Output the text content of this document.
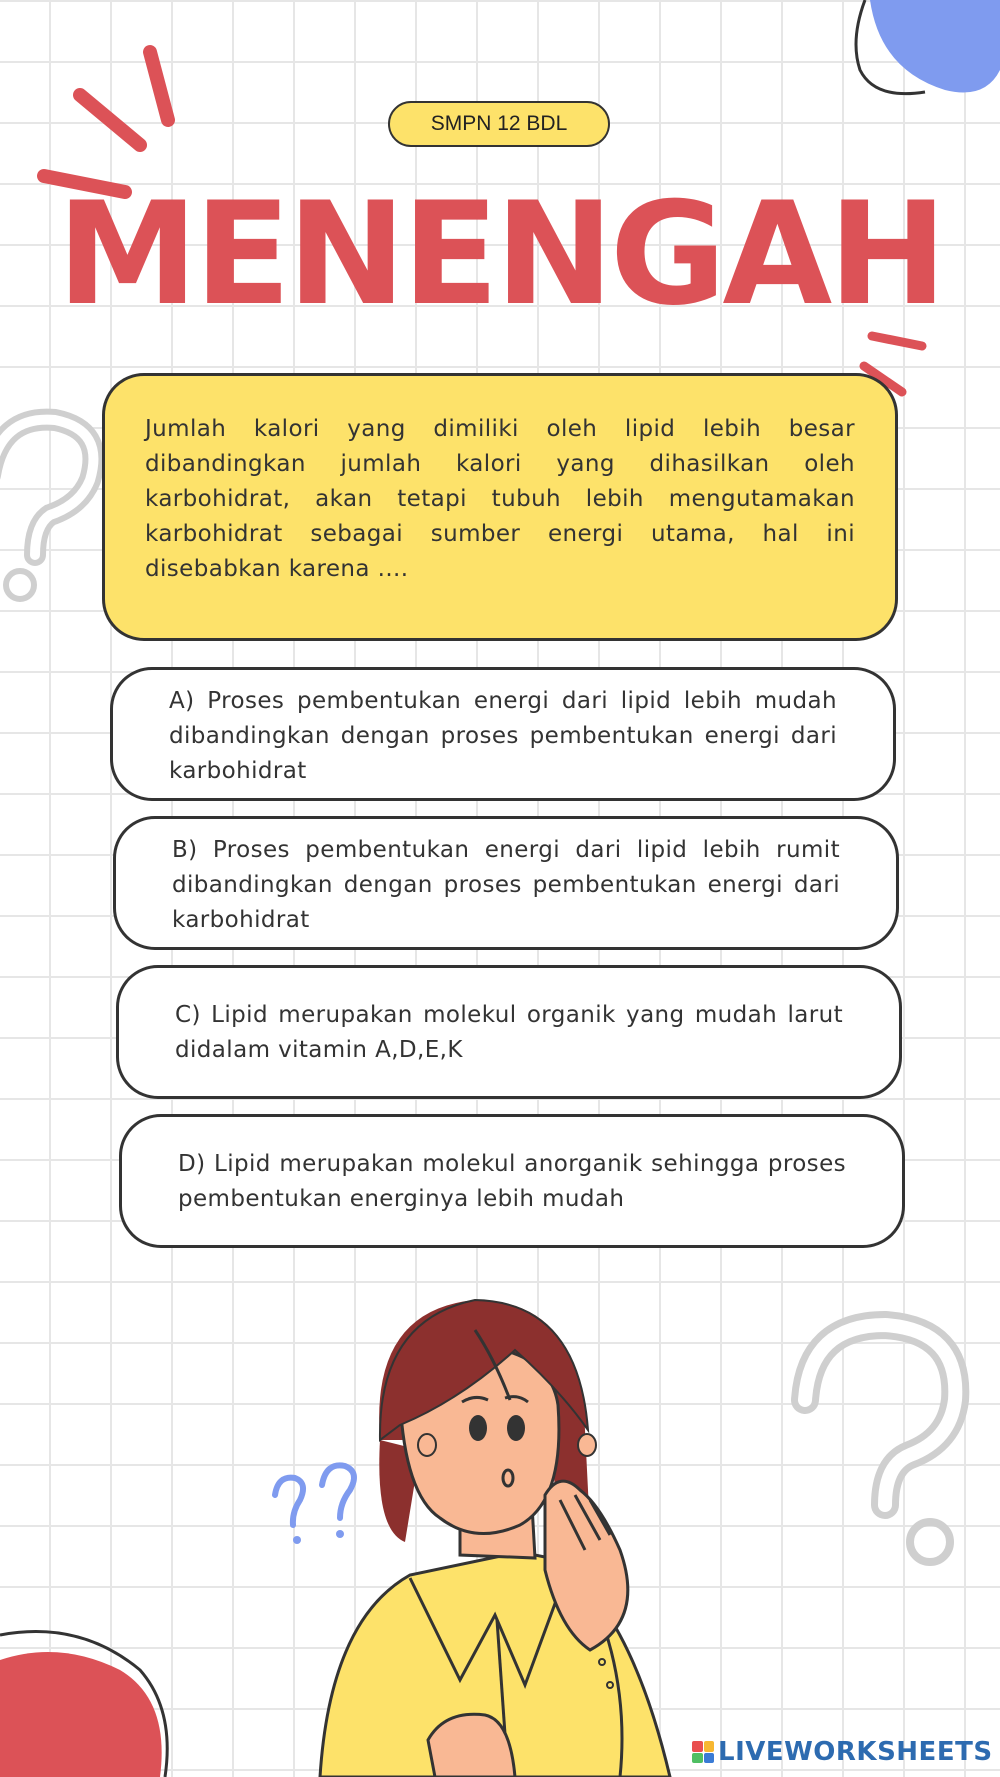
SMPN 12 BDL
MENENGAH
Jumlah kalori yang dimiliki oleh lipid lebih besar dibandingkan jumlah kalori yang dihasilkan oleh karbohidrat, akan tetapi tubuh lebih mengutamakan karbohidrat sebagai sumber energi utama, hal ini disebabkan karena ....
A) Proses pembentukan energi dari lipid lebih mudah dibandingkan dengan proses pembentukan energi dari karbohidrat
B) Proses pembentukan energi dari lipid lebih rumit dibandingkan dengan proses pembentukan energi dari karbohidrat
C) Lipid merupakan molekul organik yang mudah larut didalam vitamin A,D,E,K
D) Lipid merupakan molekul anorganik sehingga proses pembentukan energinya lebih mudah
LIVEWORKSHEETS
